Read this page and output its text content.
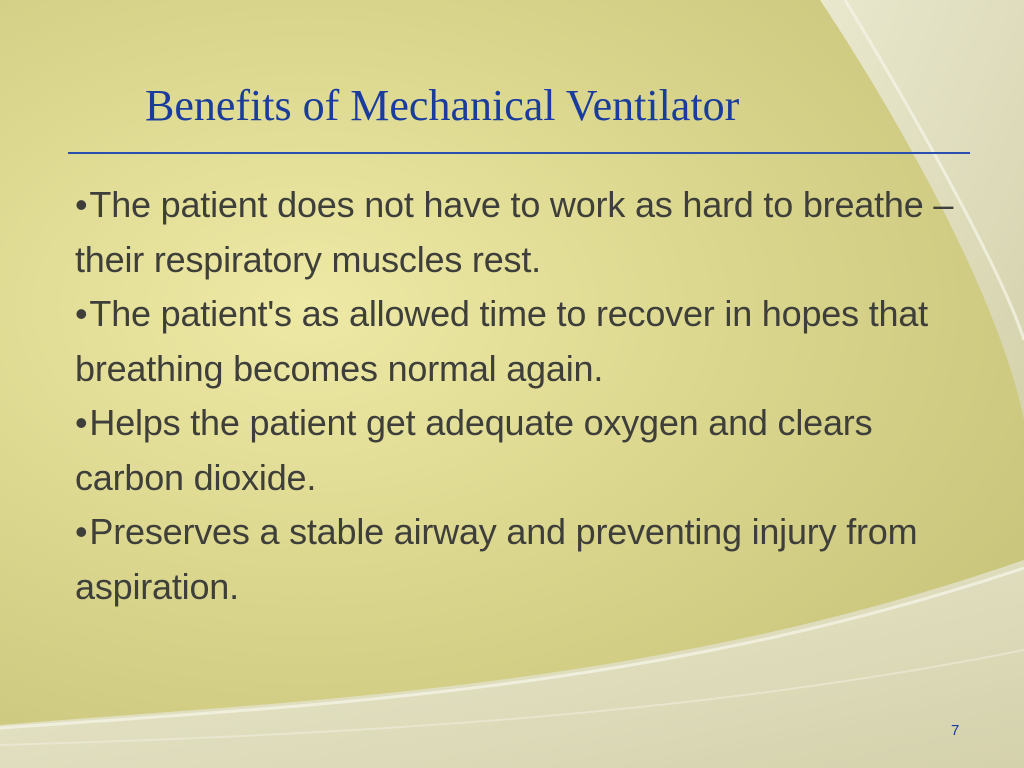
Benefits of Mechanical Ventilator

•The patient does not have to work as hard to breathe – their respiratory muscles rest.

•The patient's as allowed time to recover in hopes that breathing becomes normal again.

•Helps the patient get adequate oxygen and clears carbon dioxide.

•Preserves a stable airway and preventing injury from aspiration.

7
